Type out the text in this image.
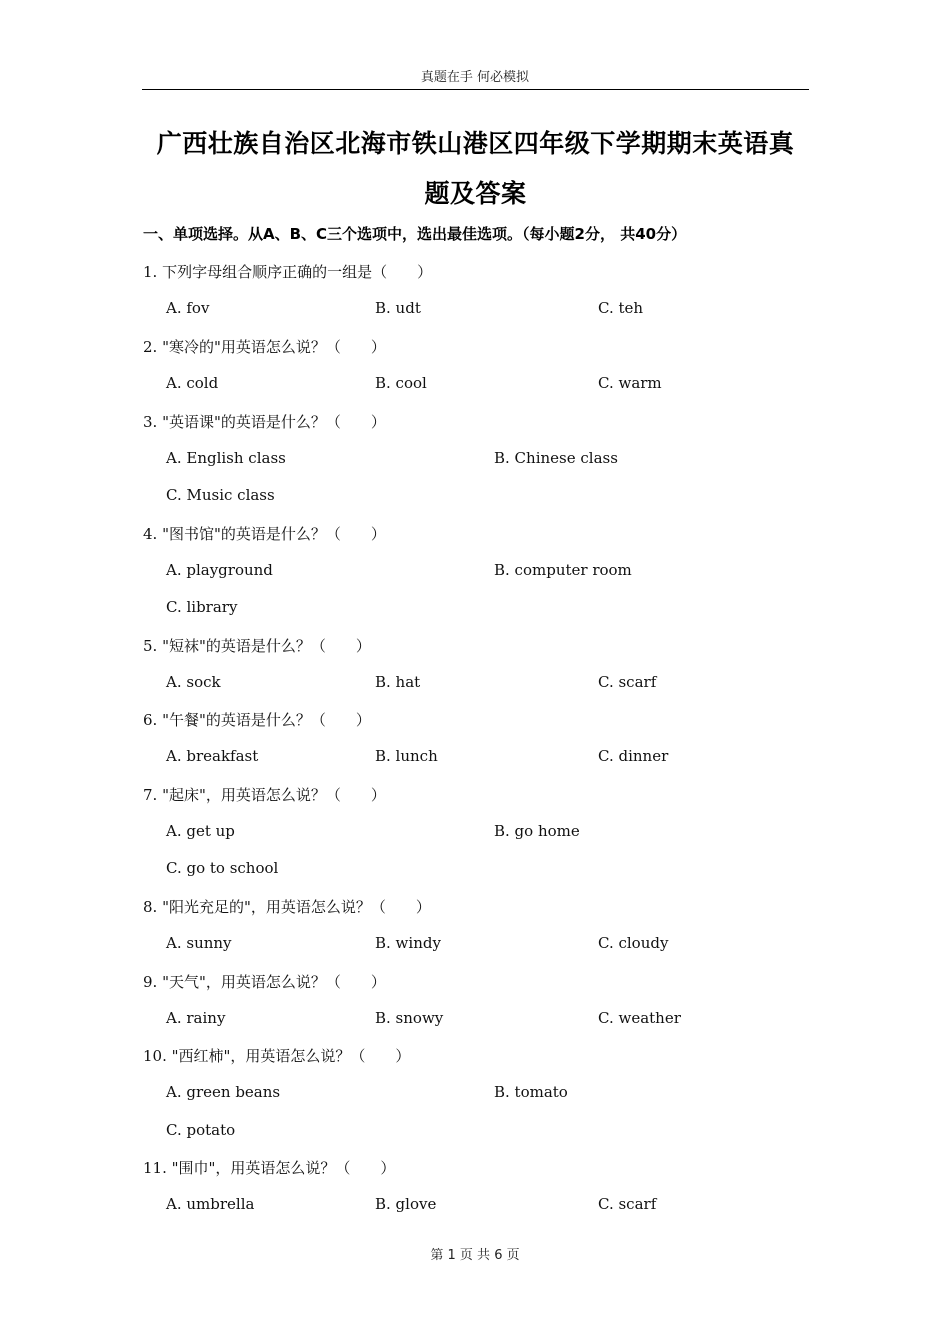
真题在手 何必模拟
广西壮族自治区北海市铁山港区四年级下学期期末英语真
题及答案
一、单项选择。从A、B、C三个选项中，选出最佳选项。（每小题2分， 共40分）
1. 下列字母组合顺序正确的一组是（　　）
A. fov	B. udt	C. teh
2. "寒冷的"用英语怎么说？（　　）
A. cold	B. cool	C. warm
3. "英语课"的英语是什么？（　　）
A. English class	B. Chinese class
C. Music class
4. "图书馆"的英语是什么？（　　）
A. playground	B. computer room
C. library
5. "短袜"的英语是什么？（　　）
A. sock	B. hat	C. scarf
6. "午餐"的英语是什么？（　　）
A. breakfast	B. lunch	C. dinner
7. "起床"，用英语怎么说？（　　）
A. get up	B. go home
C. go to school
8. "阳光充足的"，用英语怎么说？（　　）
A. sunny	B. windy	C. cloudy
9. "天气"，用英语怎么说？（　　）
A. rainy	B. snowy	C. weather
10. "西红柿"，用英语怎么说？（　　）
A. green beans	B. tomato
C. potato
11. "围巾"，用英语怎么说？（　　）
A. umbrella	B. glove	C. scarf
第 1 页 共 6 页
